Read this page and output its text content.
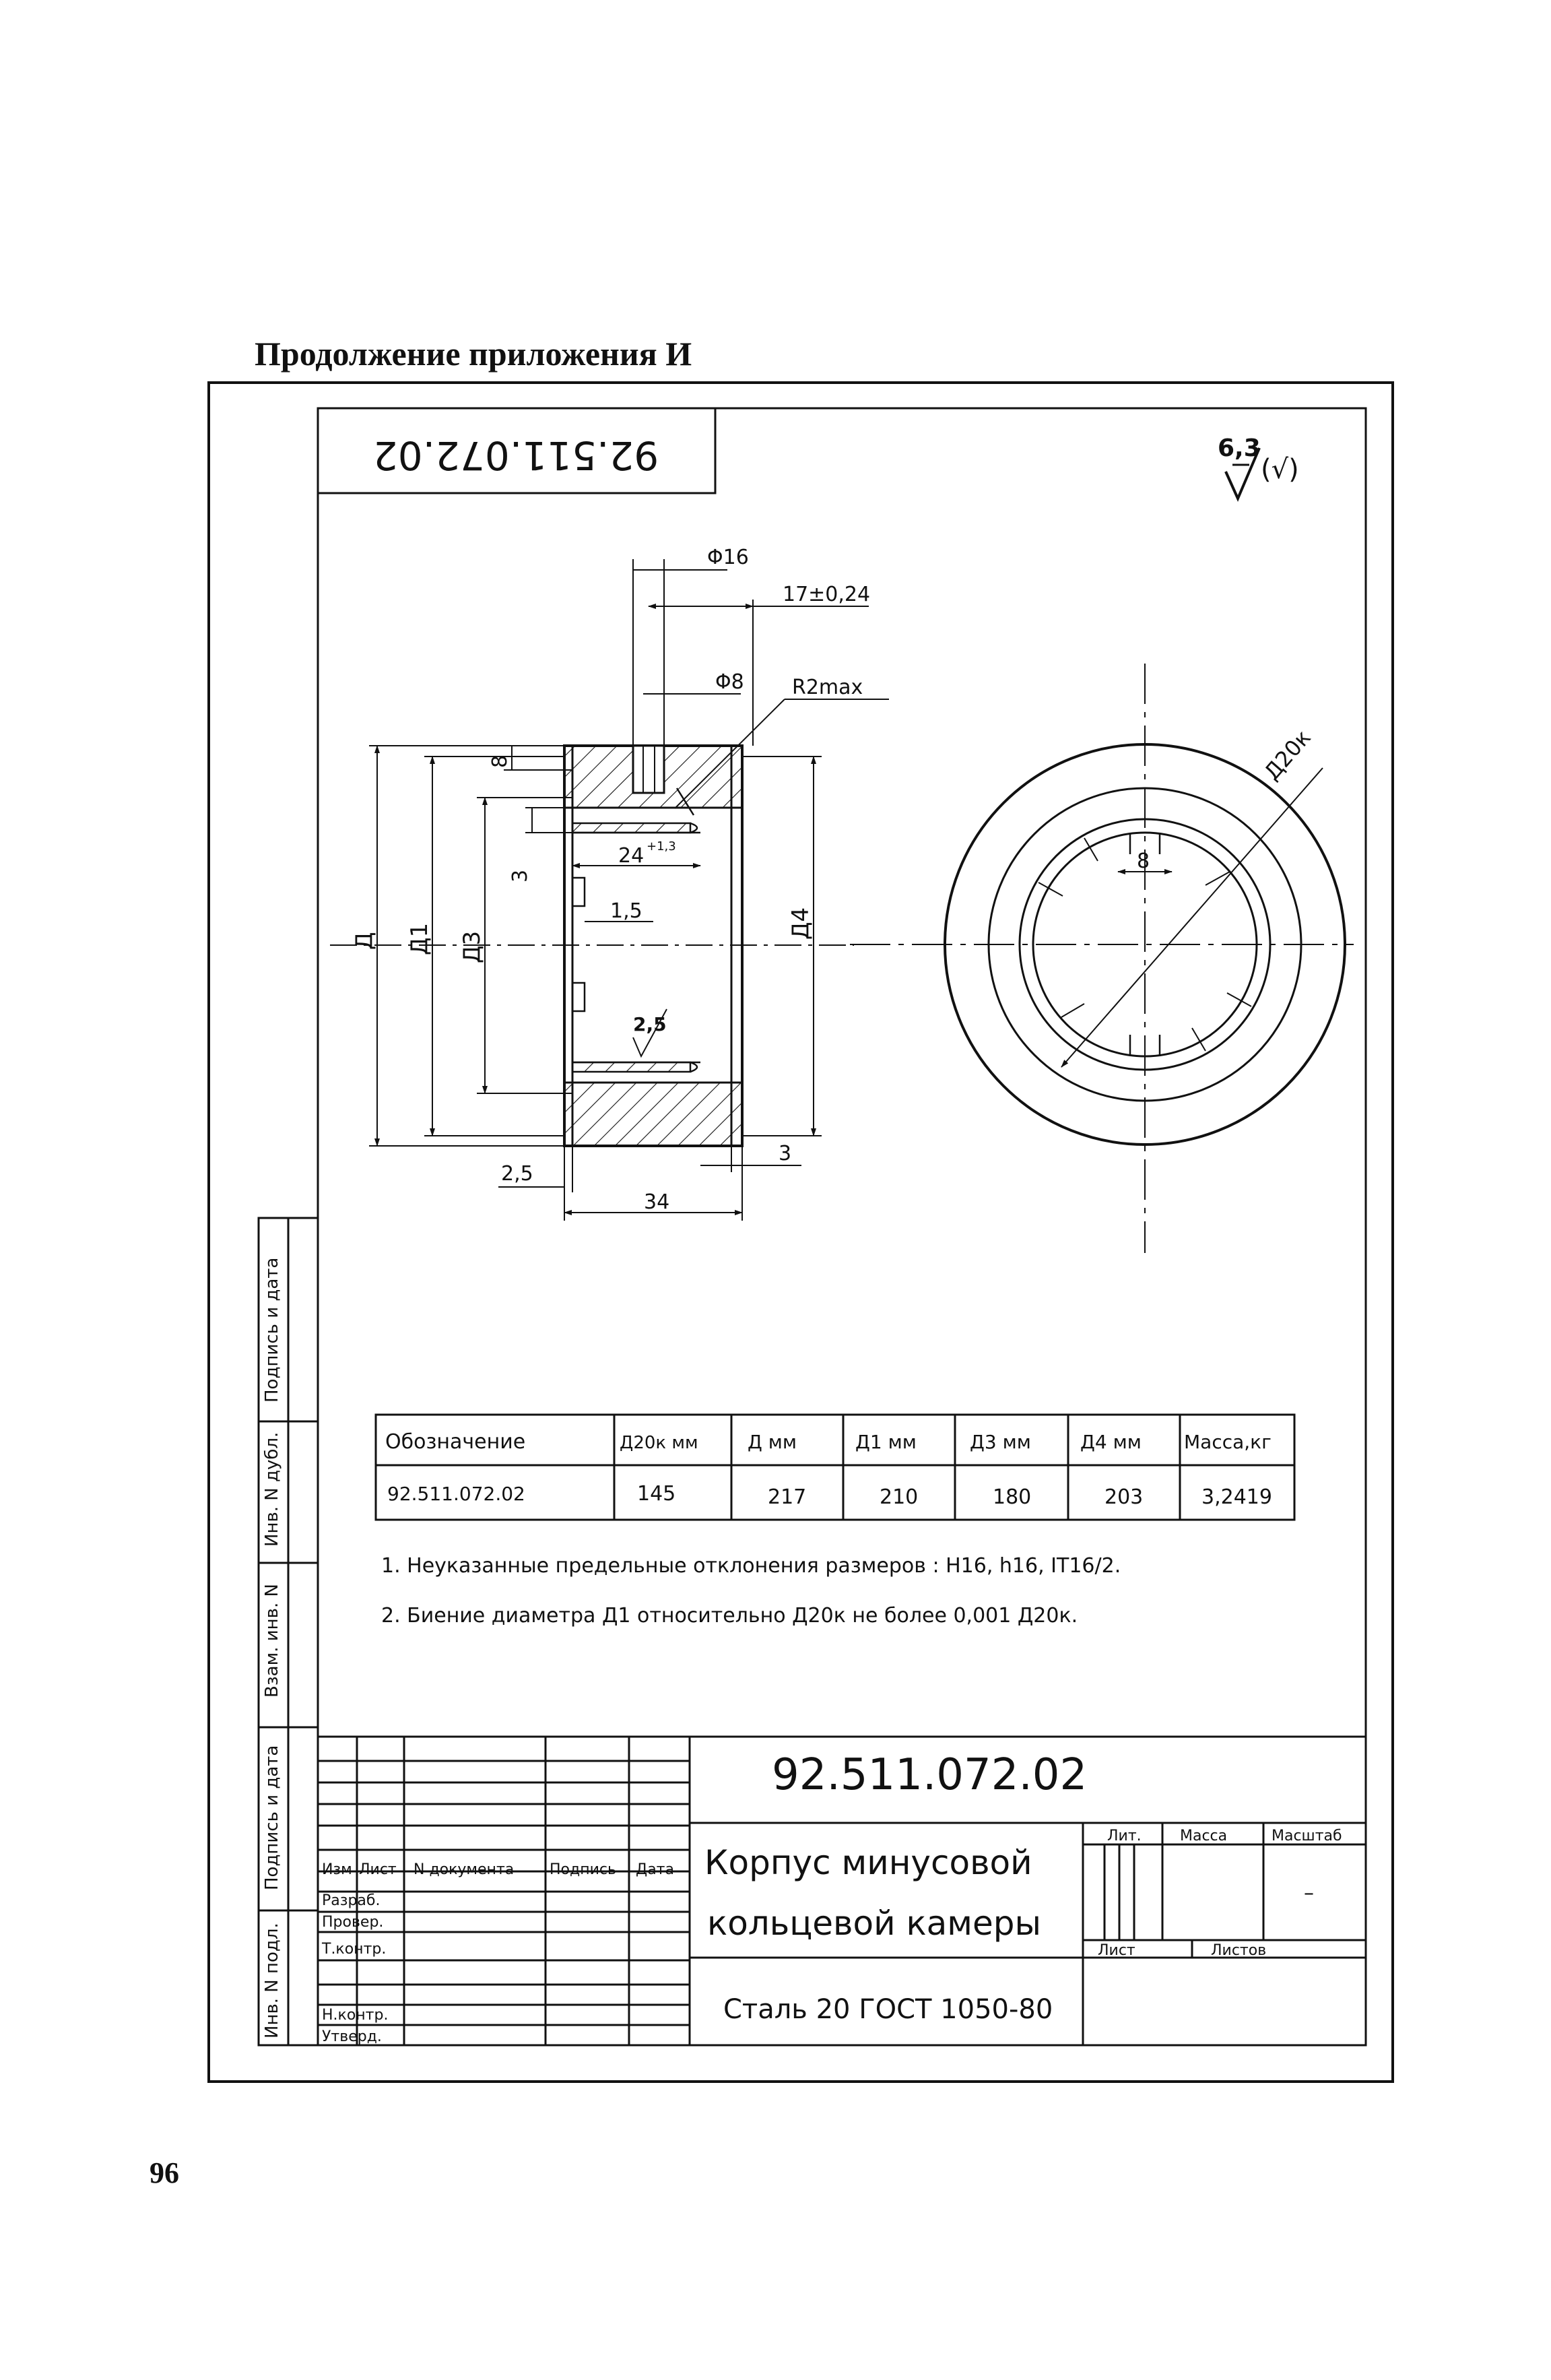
Продолжение приложения И
96
92.511.072.02	6,3
(√)
Φ16
17±0,24
Φ8 R2max
Д Д1 Д3
Д4
8
3
24 +1,3
1,5
2,5
2,5
3
34
8
Д20к
Обозначение	Д20к мм	Д мм	Д1 мм	Д3 мм	Д4 мм Масса,кг
92.511.072.02	145	217	210	180	203	3,2419
1. Неуказанные предельные отклонения размеров : H16, h16, IT16/2.
2. Биение диаметра Д1 относительно Д20к не более 0,001 Д20к.
Подпись и дата
Инв. N дубл.
Взам. инв. N
Подпись и дата
Инв. N подл.
92.511.072.02
Корпус минусовой
кольцевой камеры
Сталь 20 ГОСТ 1050-80
Изм Лист N документа Подпись Дата
Разраб.
Провер.
Т.контр.
Н.контр.
Утверд.
Лит.	Масса	Масштаб
–
Лист	Листов
